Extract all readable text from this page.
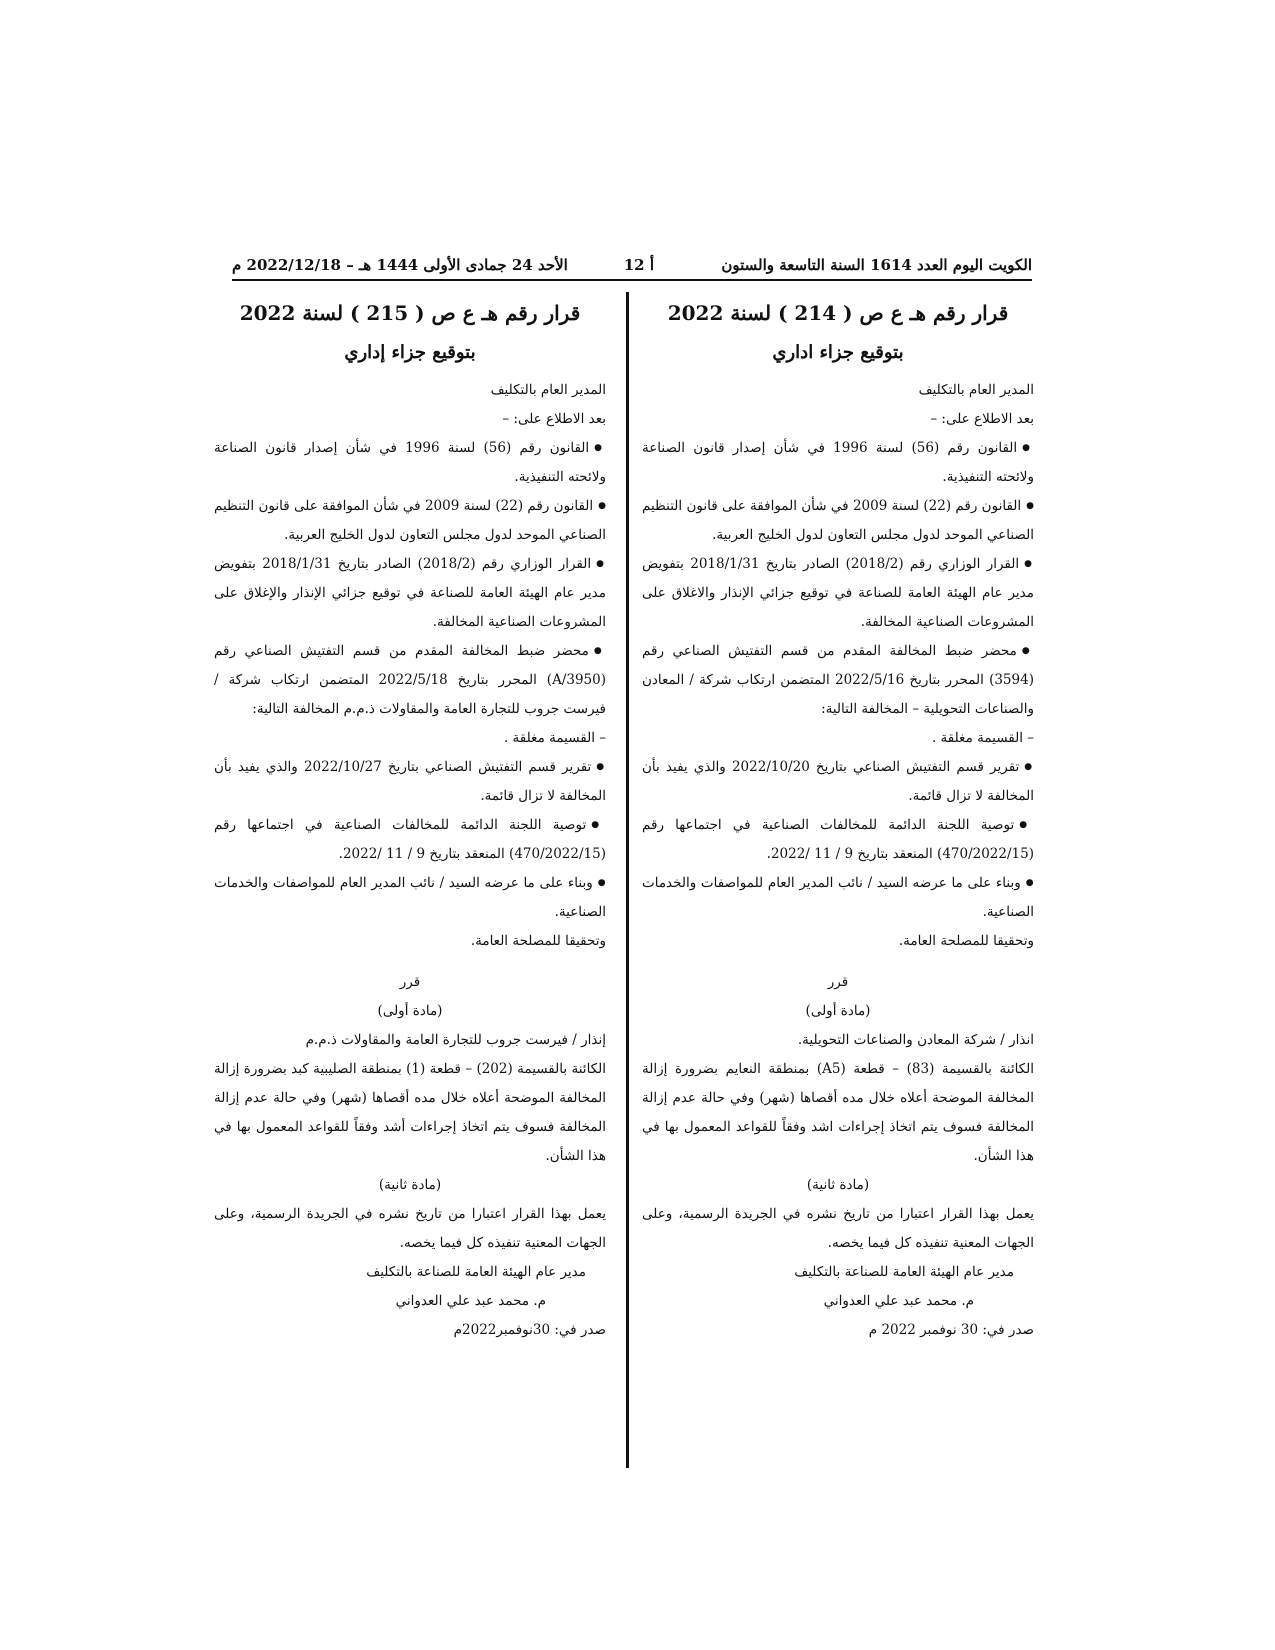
الكويت اليوم العدد 1614 السنة التاسعة والستون
أ 12
الأحد 24 جمادى الأولى 1444 هـ – 2022/12/18 م

قرار رقم هـ ع ص ( 214 ) لسنة 2022

بتوقيع جزاء اداري

المدير العام بالتكليف

بعد الاطلاع على: –

● القانون رقم (56) لسنة 1996 في شأن إصدار قانون الصناعة ولائحته التنفيذية.

● القانون رقم (22) لسنة 2009 في شأن الموافقة على قانون التنظيم الصناعي الموحد لدول مجلس التعاون لدول الخليج العربية.

● القرار الوزاري رقم (2018/2) الصادر بتاريخ 2018/1/31 بتفويض مدير عام الهيئة العامة للصناعة في توقيع جزائي الإنذار والاغلاق على المشروعات الصناعية المخالفة.

● محضر ضبط المخالفة المقدم من قسم التفتيش الصناعي رقم (3594) المحرر بتاريخ 2022/5/16 المتضمن ارتكاب شركة / المعادن والصناعات التحويلية – المخالفة التالية:

– القسيمة مغلقة .

● تقرير قسم التفتيش الصناعي بتاريخ 2022/10/20 والذي يفيد بأن المخالفة لا تزال قائمة.

● توصية اللجنة الدائمة للمخالفات الصناعية في اجتماعها رقم (470/2022/15) المنعقد بتاريخ 9 / 11 /2022.

● وبناء على ما عرضه السيد / نائب المدير العام للمواصفات والخدمات الصناعية.

وتحقيقا للمصلحة العامة.

قرر

(مادة أولى)

انذار / شركة المعادن والصناعات التحويلية.

الكائنة بالقسيمة (83) – قطعة (A5) بمنطقة النعايم بضرورة إزالة المخالفة الموضحة أعلاه خلال مده أقصاها (شهر) وفي حالة عدم إزالة المخالفة فسوف يتم اتخاذ إجراءات اشد وفقاً للقواعد المعمول بها في هذا الشأن.

(مادة ثانية)

يعمل بهذا القرار اعتبارا من تاريخ نشره في الجريدة الرسمية، وعلى الجهات المعنية تنفيذه كل فيما يخصه.

مدير عام الهيئة العامة للصناعة بالتكليف

م. محمد عبد علي العدواني

صدر في: 30 نوفمبر 2022 م

قرار رقم هـ ع ص ( 215 ) لسنة 2022

بتوقيع جزاء إداري

المدير العام بالتكليف

بعد الاطلاع على: –

● القانون رقم (56) لسنة 1996 في شأن إصدار قانون الصناعة ولائحته التنفيذية.

● القانون رقم (22) لسنة 2009 في شأن الموافقة على قانون التنظيم الصناعي الموحد لدول مجلس التعاون لدول الخليج العربية.

● القرار الوزاري رقم (2018/2) الصادر بتاريخ 2018/1/31 بتفويض مدير عام الهيئة العامة للصناعة في توقيع جزائي الإنذار والإغلاق على المشروعات الصناعية المخالفة.

● محضر ضبط المخالفة المقدم من قسم التفتيش الصناعي رقم (A/3950) المحرر بتاريخ 2022/5/18 المتضمن ارتكاب شركة / فيرست جروب للتجارة العامة والمقاولات ذ.م.م المخالفة التالية:

– القسيمة مغلقة .

● تقرير قسم التفتيش الصناعي بتاريخ 2022/10/27 والذي يفيد بأن المخالفة لا تزال قائمة.

● توصية اللجنة الدائمة للمخالفات الصناعية في اجتماعها رقم (470/2022/15) المنعقد بتاريخ 9 / 11 /2022.

● وبناء على ما عرضه السيد / نائب المدير العام للمواصفات والخدمات الصناعية.

وتحقيقا للمصلحة العامة.

قرر

(مادة أولى)

إنذار / فيرست جروب للتجارة العامة والمقاولات ذ.م.م

الكائنة بالقسيمة (202) – قطعة (1) بمنطقة الصليبية كبد بضرورة إزالة المخالفة الموضحة أعلاه خلال مده أقصاها (شهر) وفي حالة عدم إزالة المخالفة فسوف يتم اتخاذ إجراءات أشد وفقاً للقواعد المعمول بها في هذا الشأن.

(مادة ثانية)

يعمل بهذا القرار اعتبارا من تاريخ نشره في الجريدة الرسمية، وعلى الجهات المعنية تنفيذه كل فيما يخصه.

مدير عام الهيئة العامة للصناعة بالتكليف

م. محمد عبد علي العدواني

صدر في: 30نوفمبر2022م
